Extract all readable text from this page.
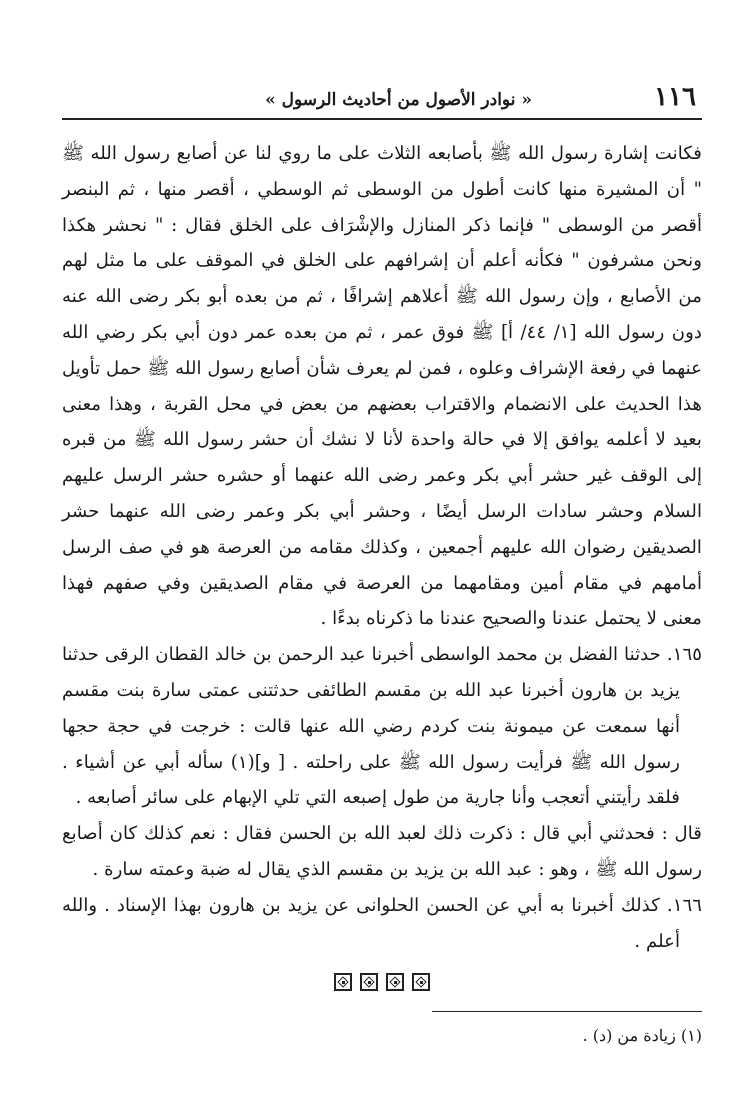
١١٦
« نوادر الأصول من أحاديث الرسول »

فكانت إشارة رسول الله ﷺ بأصابعه الثلاث على ما روي لنا عن أصابع رسول الله ﷺ " أن المشيرة منها كانت أطول من الوسطى ثم الوسطي ، أقصر منها ، ثم البنصر أقصر من الوسطى " فإنما ذكر المنازل والإشْرَاف على الخلق فقال : " نحشر هكذا ونحن مشرفون " فكأنه أعلم أن إشرافهم على الخلق في الموقف على ما مثل لهم من الأصابع ، وإن رسول الله ﷺ أعلاهم إشرافًا ، ثم من بعده أبو بكر رضى الله عنه دون رسول الله [١/ ٤٤/ أ] ﷺ فوق عمر ، ثم من بعده عمر دون أبي بكر رضي الله عنهما في رفعة الإشراف وعلوه ، فمن لم يعرف شأن أصابع رسول الله ﷺ حمل تأويل هذا الحديث على الانضمام والاقتراب بعضهم من بعض في محل القربة ، وهذا معنى بعيد لا أعلمه يوافق إلا في حالة واحدة لأنا لا نشك أن حشر رسول الله ﷺ من قبره إلى الوقف غير حشر أبي بكر وعمر رضى الله عنهما أو حشره حشر الرسل عليهم السلام وحشر سادات الرسل أيضًا ، وحشر أبي بكر وعمر رضى الله عنهما حشر الصديقين رضوان الله عليهم أجمعين ، وكذلك مقامه من العرصة هو في صف الرسل أمامهم في مقام أمين ومقامهما من العرصة في مقام الصديقين وفي صفهم فهذا معنى لا يحتمل عندنا والصحيح عندنا ما ذكرناه بدءًا .

١٦٥. حدثنا الفضل بن محمد الواسطى أخبرنا عبد الرحمن بن خالد القطان الرقى حدثنا يزيد بن هارون أخبرنا عبد الله بن مقسم الطائفى حدثتنى عمتى سارة بنت مقسم أنها سمعت عن ميمونة بنت كردم رضي الله عنها قالت : خرجت في حجة حجها رسول الله ﷺ فرأيت رسول الله ﷺ على راحلته . [ و](١) سأله أبي عن أشياء . فلقد رأيتني أتعجب وأنا جارية من طول إصبعه التي تلي الإبهام على سائر أصابعه .

قال : فحدثني أبي قال : ذكرت ذلك لعبد الله بن الحسن فقال : نعم كذلك كان أصابع رسول الله ﷺ ، وهو : عبد الله بن يزيد بن مقسم الذي يقال له ضبة وعمته سارة .

١٦٦. كذلك أخبرنا به أبي عن الحسن الحلوانى عن يزيد بن هارون بهذا الإسناد . والله أعلم .

(١) زيادة من (د) .
